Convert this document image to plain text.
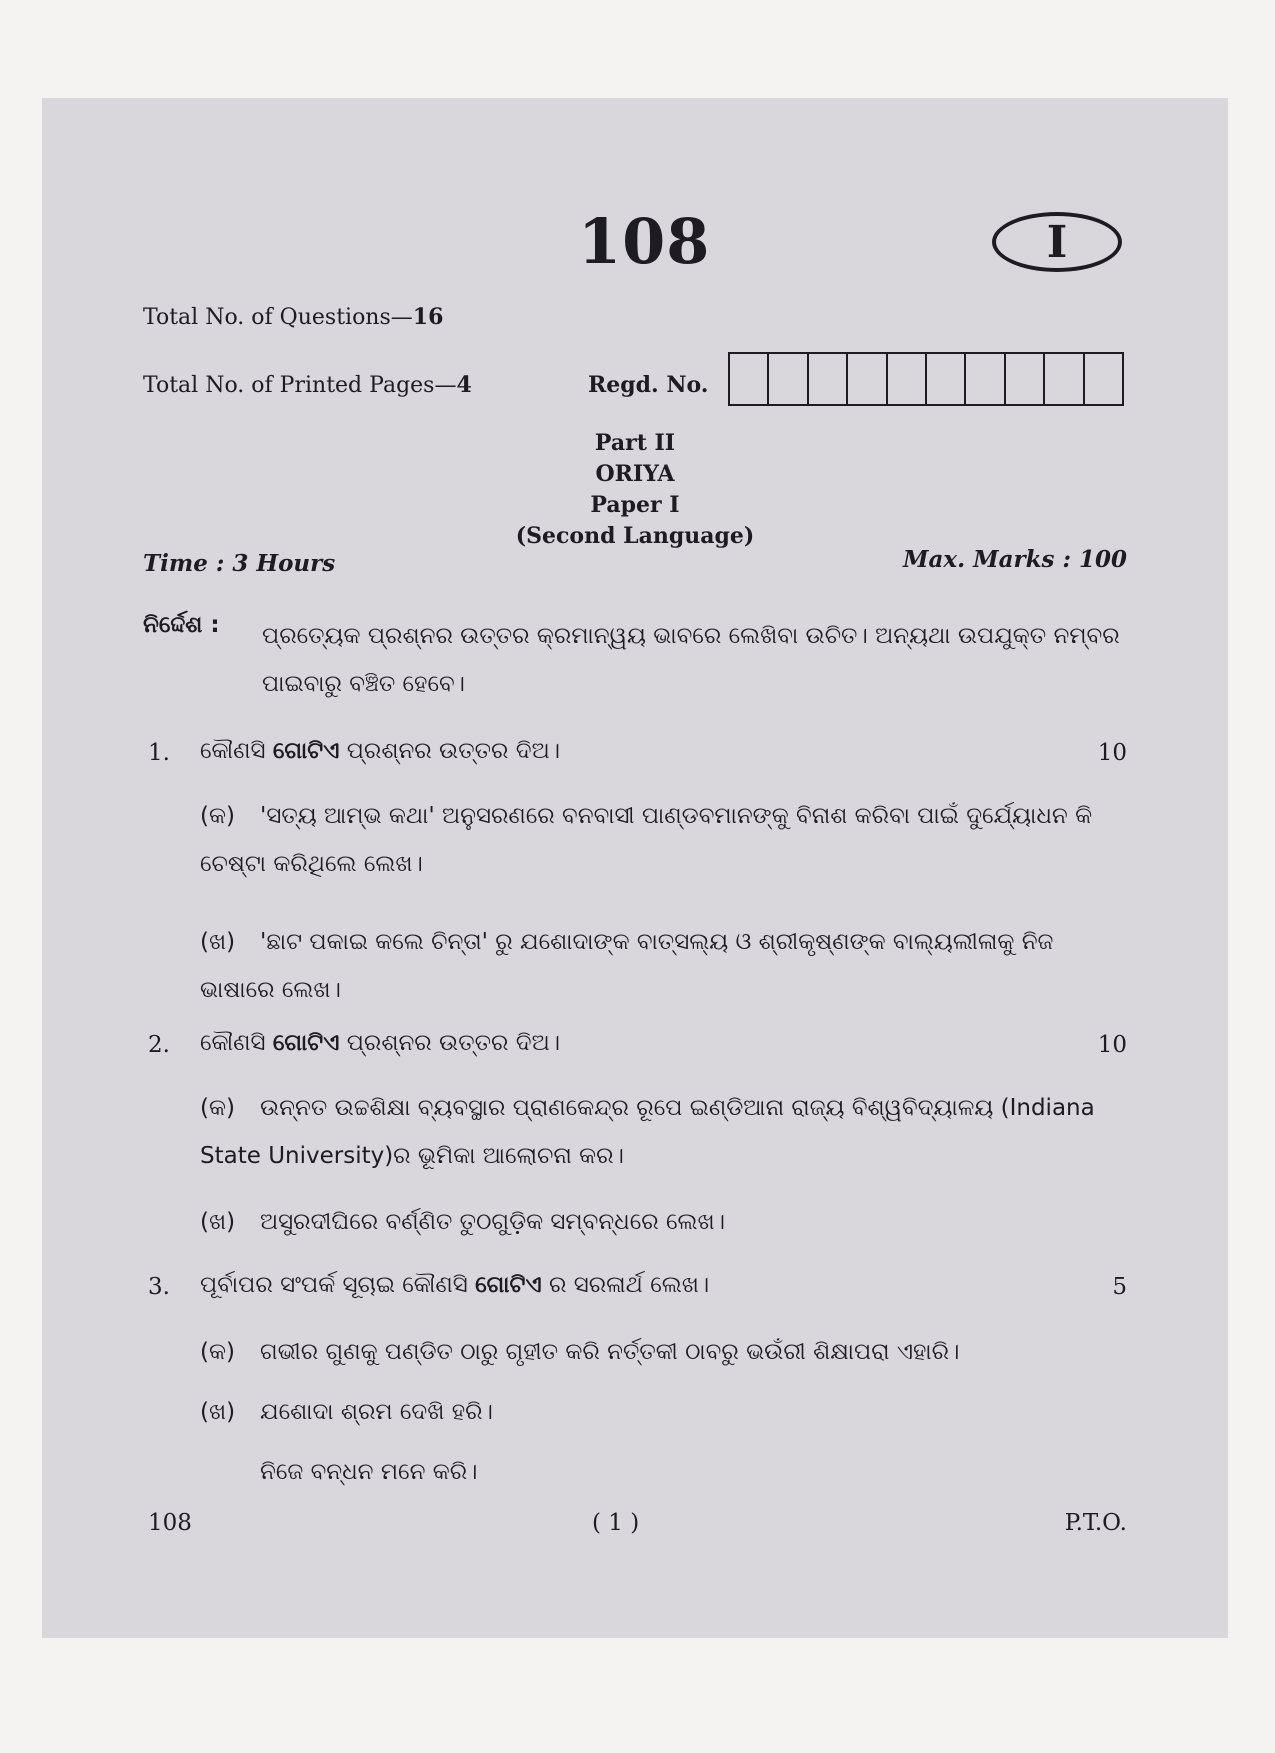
108	I
Total No. of Questions—16
Total No. of Printed Pages—4	Regd. No.
Part II
ORIYA
Paper I
(Second Language)
Time : 3 Hours	Max. Marks : 100
ନିର୍ଦ୍ଦେଶ : ପ୍ରତ୍ୟେକ ପ୍ରଶ୍ନର ଉତ୍ତର କ୍ରମାନ୍ୱୟ ଭାବରେ ଲେଖିବା ଉଚିତ। ଅନ୍ୟଥା ଉପଯୁକ୍ତ ନମ୍ବର ପାଇବାରୁ ବଞ୍ଚିତ ହେବେ।
1. କୌଣସି ଗୋଟିଏ ପ୍ରଶ୍ନର ଉତ୍ତର ଦିଅ।	10
(କ) 'ସତ୍ୟ ଆମ୍ଭ କଥା' ଅନୁସରଣରେ ବନବାସୀ ପାଣ୍ଡବମାନଙ୍କୁ ବିନାଶ କରିବା ପାଇଁ ଦୁର୍ଯ୍ୟୋଧନ କି ଚେଷ୍ଟା କରିଥିଲେ ଲେଖ।
(ଖ) 'ଛାଟ ପକାଇ କଲେ ଚିନ୍ତା' ରୁ ଯଶୋଦାଙ୍କ ବାତ୍ସଲ୍ୟ ଓ ଶ୍ରୀକୃଷ୍ଣଙ୍କ ବାଲ୍ୟଲୀଳାକୁ ନିଜ ଭାଷାରେ ଲେଖ।
2. କୌଣସି ଗୋଟିଏ ପ୍ରଶ୍ନର ଉତ୍ତର ଦିଅ।	10
(କ) ଉନ୍ନତ ଉଚ୍ଚଶିକ୍ଷା ବ୍ୟବସ୍ଥାର ପ୍ରାଣକେନ୍ଦ୍ର ରୂପେ ଇଣ୍ଡିଆନା ରାଜ୍ୟ ବିଶ୍ୱବିଦ୍ୟାଳୟ (Indiana State University)ର ଭୂମିକା ଆଲୋଚନା କର।
(ଖ) ଅସୁରଦୀଘିରେ ବର୍ଣ୍ଣିତ ତୁଠଗୁଡ଼ିକ ସମ୍ବନ୍ଧରେ ଲେଖ।
3. ପୂର୍ବାପର ସଂପର୍କ ସୂଚାଇ କୌଣସି ଗୋଟିଏ ର ସରଳାର୍ଥ ଲେଖ।	5
(କ) ଗଭୀର ଗୁଣକୁ ପଣ୍ଡିତ ଠାରୁ ଗୃହୀତ କରି ନର୍ତ୍ତକୀ ଠାବରୁ ଭଉଁରୀ ଶିକ୍ଷାପରା ଏହାରି।
(ଖ) ଯଶୋଦା ଶ୍ରମ ଦେଖି ହରି।
ନିଜେ ବନ୍ଧନ ମନେ କରି।
108	( 1 )	P.T.O.
